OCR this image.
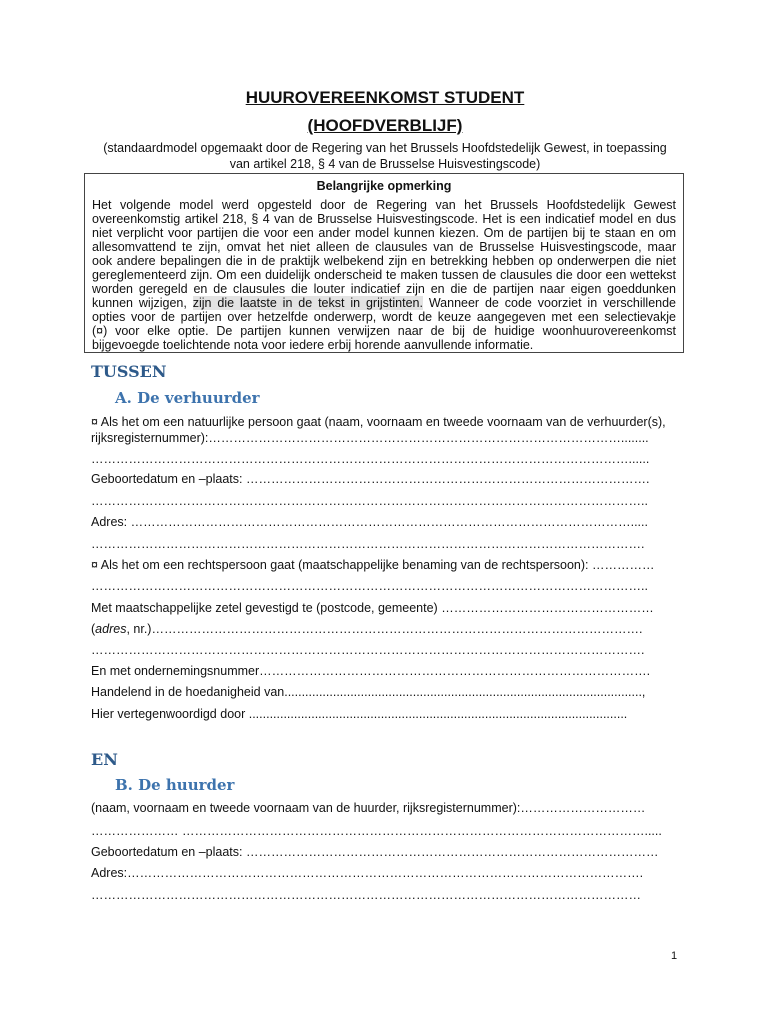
HUUROVEREENKOMST STUDENT
(HOOFDVERBLIJF)
(standaardmodel opgemaakt door de Regering van het Brussels Hoofdstedelijk Gewest, in toepassing
van artikel 218, § 4 van de Brusselse Huisvestingscode)
Belangrijke opmerking
Het volgende model werd opgesteld door de Regering van het Brussels Hoofdstedelijk Gewest
overeenkomstig artikel 218, § 4 van de Brusselse Huisvestingscode. Het is een indicatief model en dus
niet verplicht voor partijen die voor een ander model kunnen kiezen. Om de partijen bij te staan en om
allesomvattend te zijn, omvat het niet alleen de clausules van de Brusselse Huisvestingscode, maar
ook andere bepalingen die in de praktijk welbekend zijn en betrekking hebben op onderwerpen die niet
gereglementeerd zijn. Om een duidelijk onderscheid te maken tussen de clausules die door een wettekst
worden geregeld en de clausules die louter indicatief zijn en die de partijen naar eigen goeddunken
kunnen wijzigen, zijn die laatste in de tekst in grijstinten. Wanneer de code voorziet in verschillende
opties voor de partijen over hetzelfde onderwerp, wordt de keuze aangegeven met een selectievakje
(¤) voor elke optie. De partijen kunnen verwijzen naar de bij de huidige woonhuurovereenkomst
bijgevoegde toelichtende nota voor iedere erbij horende aanvullende informatie.
TUSSEN
A. De verhuurder
¤ Als het om een natuurlijke persoon gaat (naam, voornaam en tweede voornaam van de verhuurder(s),
rijksregisternummer):………………………………………………………………………………………........
…………………………………………………………………………………………………………………......
Geboortedatum en –plaats: …………………………………………………………………………………….
……………………………………………………………………………………………………………………..
Adres: ………………………………………………………………………………………………………….....
…………………………………………………………………………………………………………………….
¤ Als het om een rechtspersoon gaat (maatschappelijke benaming van de rechtspersoon): ……………
……………………………………………………………………………………………………………………..
Met maatschappelijke zetel gevestigd te (postcode, gemeente) ……………………………………………
(adres, nr.)……………………………………………………………………………………………………….
…………………………………………………………………………………………………………………….
En met ondernemingsnummer………………………………………………………………………………….
Handelend in de hoedanigheid van.......................................................................................................,
Hier vertegenwoordigd door .............................................................................................................
EN
B. De huurder
(naam, voornaam en tweede voornaam van de huurder, rijksregisternummer):…………………………
………………… ………………………………………………………………………………………………….....
Geboortedatum en –plaats: ………………………………………………………………………………………
Adres:…………………………………………………………………………………………………………….
……………………………………………………………………………………………………………………
1
